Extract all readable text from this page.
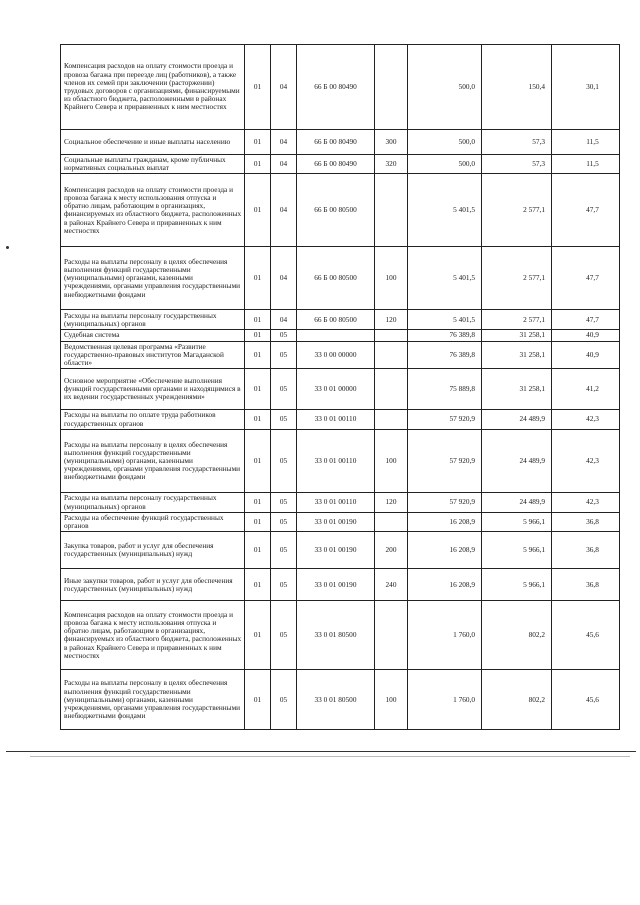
Компенсация расходов на оплату стоимости проезда и провоза багажа при переезде лиц (работников), а также членов их семей при заключении (расторжении) трудовых договоров с организациями, финансируемыми из областного бюджета, расположенными в районах Крайнего Севера и приравненных к ним местностях	01	04	66 Б 00 80490		500,0	150,4	30,1
Социальное обеспечение и иные выплаты населению	01	04	66 Б 00 80490	300	500,0	57,3	11,5
Социальные выплаты гражданам, кроме публичных нормативных социальных выплат	01	04	66 Б 00 80490	320	500,0	57,3	11,5
Компенсация расходов на оплату стоимости проезда и провоза багажа к месту использования отпуска и обратно лицам, работающим в организациях, финансируемых из областного бюджета, расположенных в районах Крайнего Севера и приравненных к ним местностях	01	04	66 Б 00 80500		5 401,5	2 577,1	47,7
Расходы на выплаты персоналу в целях обеспечения выполнения функций государственными (муниципальными) органами, казенными учреждениями, органами управления государственными внебюджетными фондами	01	04	66 Б 00 80500	100	5 401,5	2 577,1	47,7
Расходы на выплаты персоналу государственных (муниципальных) органов	01	04	66 Б 00 80500	120	5 401,5	2 577,1	47,7
Судебная система	01	05			76 389,8	31 258,1	40,9
Ведомственная целевая программа «Развитие государственно-правовых институтов Магаданской области»	01	05	33 0 00 00000		76 389,8	31 258,1	40,9
Основное мероприятие «Обеспечение выполнения функций государственными органами и находящимися в их ведении государственных учреждениями»	01	05	33 0 01 00000		75 889,8	31 258,1	41,2
Расходы на выплаты по оплате труда работников государственных органов	01	05	33 0 01 00110		57 920,9	24 489,9	42,3
Расходы на выплаты персоналу в целях обеспечения выполнения функций государственными (муниципальными) органами, казенными учреждениями, органами управления государственными внебюджетными фондами	01	05	33 0 01 00110	100	57 920,9	24 489,9	42,3
Расходы на выплаты персоналу государственных (муниципальных) органов	01	05	33 0 01 00110	120	57 920,9	24 489,9	42,3
Расходы на обеспечение функций государственных органов	01	05	33 0 01 00190		16 208,9	5 966,1	36,8
Закупка товаров, работ и услуг для обеспечения государственных (муниципальных) нужд	01	05	33 0 01 00190	200	16 208,9	5 966,1	36,8
Иные закупки товаров, работ и услуг для обеспечения государственных (муниципальных) нужд	01	05	33 0 01 00190	240	16 208,9	5 966,1	36,8
Компенсация расходов на оплату стоимости проезда и провоза багажа к месту использования отпуска и обратно лицам, работающим в организациях, финансируемых из областного бюджета, расположенных в районах Крайнего Севера и приравненных к ним местностях	01	05	33 0 01 80500		1 760,0	802,2	45,6
Расходы на выплаты персоналу в целях обеспечения выполнения функций государственными (муниципальными) органами, казенными учреждениями, органами управления государственными внебюджетными фондами	01	05	33 0 01 80500	100	1 760,0	802,2	45,6
